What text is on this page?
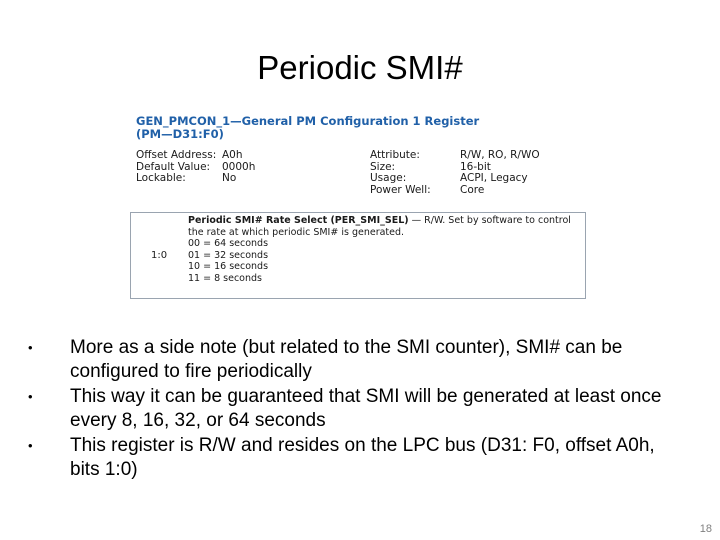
Periodic SMI#
GEN_PMCON_1—General PM Configuration 1 Register
(PM—D31:F0)
Offset Address: A0h
Default Value:	0000h
Lockable:	No
Attribute:	R/W, RO, R/WO
Size:	16-bit
Usage:	ACPI, Legacy
Power Well:	Core
1:0
Periodic SMI# Rate Select (PER_SMI_SEL) — R/W. Set by software to control
the rate at which periodic SMI# is generated.
00 = 64 seconds
01 = 32 seconds
10 = 16 seconds
11 = 8 seconds
•	More as a side note (but related to the SMI counter), SMI# can be configured to fire periodically
•	This way it can be guaranteed that SMI will be generated at least once every 8, 16, 32, or 64 seconds
•	This register is R/W and resides on the LPC bus (D31: F0, offset A0h, bits 1:0)
18
